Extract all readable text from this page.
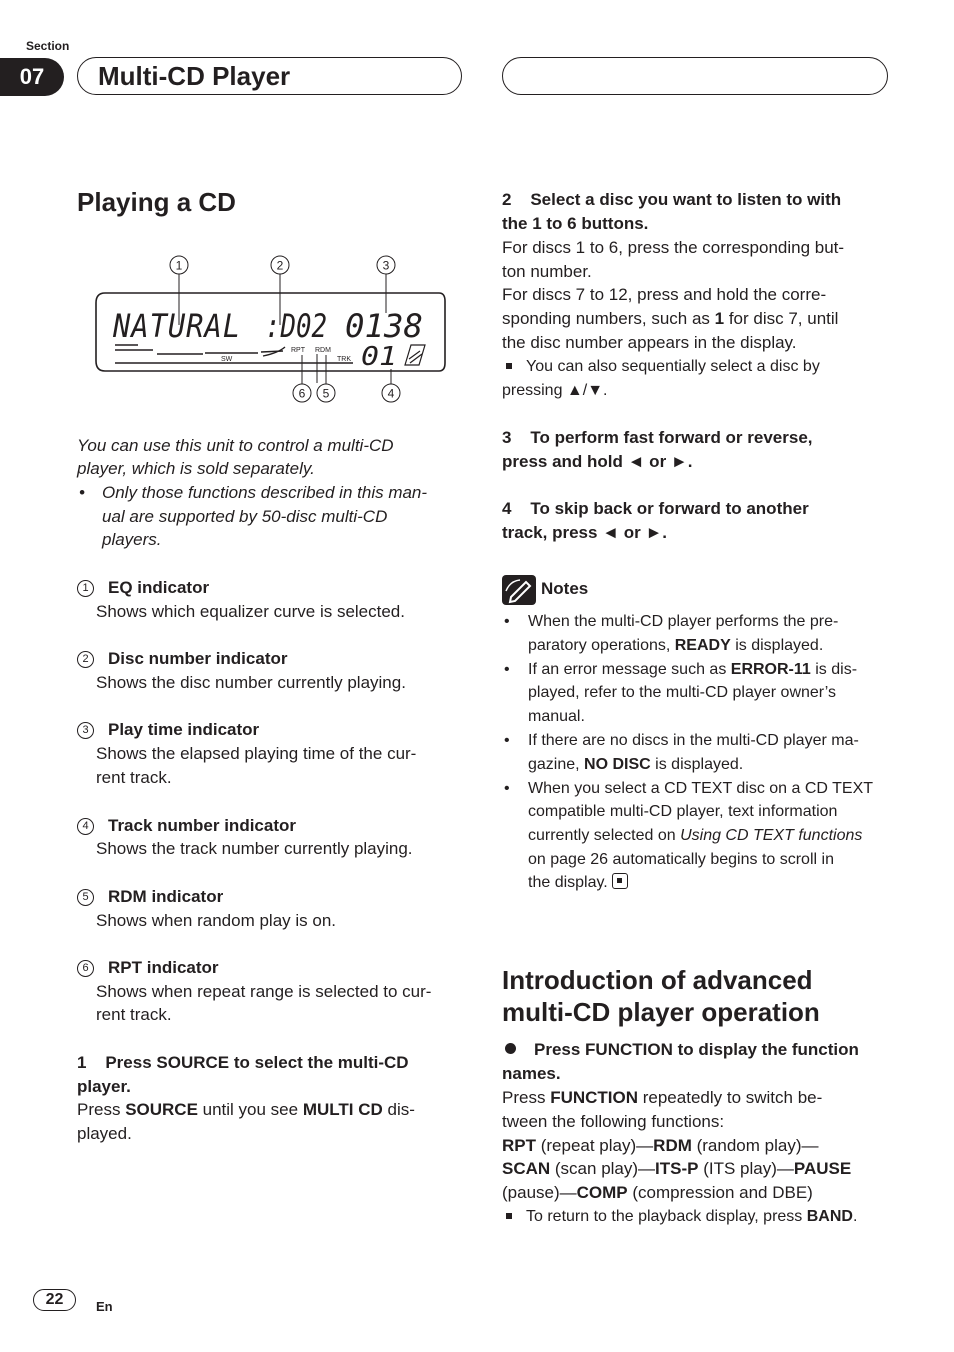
Section
07	Multi-CD Player
Playing a CD
1	2	3
NATURAL :D02 0138
SW
RPT RDM
TRK 01
6 5	4
You can use this unit to control a multi-CD
player, which is sold separately.
• Only those functions described in this man-
ual are supported by 50-disc multi-CD
players.
1 EQ indicator
Shows which equalizer curve is selected.
2 Disc number indicator
Shows the disc number currently playing.
3 Play time indicator
Shows the elapsed playing time of the cur-
rent track.
4 Track number indicator
Shows the track number currently playing.
5 RDM indicator
Shows when random play is on.
6 RPT indicator
Shows when repeat range is selected to cur-
rent track.
1    Press SOURCE to select the multi-CD
player.
Press SOURCE until you see MULTI CD dis-
played.
2    Select a disc you want to listen to with
the 1 to 6 buttons.
For discs 1 to 6, press the corresponding but-
ton number.
For discs 7 to 12, press and hold the corre-
sponding numbers, such as 1 for disc 7, until
the disc number appears in the display.
You can also sequentially select a disc by
pressing ▲/▼.
3    To perform fast forward or reverse,
press and hold ◄ or ►.
4    To skip back or forward to another
track, press ◄ or ►.
Notes
• When the multi-CD player performs the pre-
paratory operations, READY is displayed.
• If an error message such as ERROR-11 is dis-
played, refer to the multi-CD player owner’s
manual.
• If there are no discs in the multi-CD player ma-
gazine, NO DISC is displayed.
• When you select a CD TEXT disc on a CD TEXT
compatible multi-CD player, text information
currently selected on Using CD TEXT functions
on page 26 automatically begins to scroll in
the display.
Introduction of advanced
multi-CD player operation
Press FUNCTION to display the function
names.
Press FUNCTION repeatedly to switch be-
tween the following functions:
RPT (repeat play)—RDM (random play)—
SCAN (scan play)—ITS-P (ITS play)—PAUSE
(pause)—COMP (compression and DBE)
To return to the playback display, press BAND.
22	En
